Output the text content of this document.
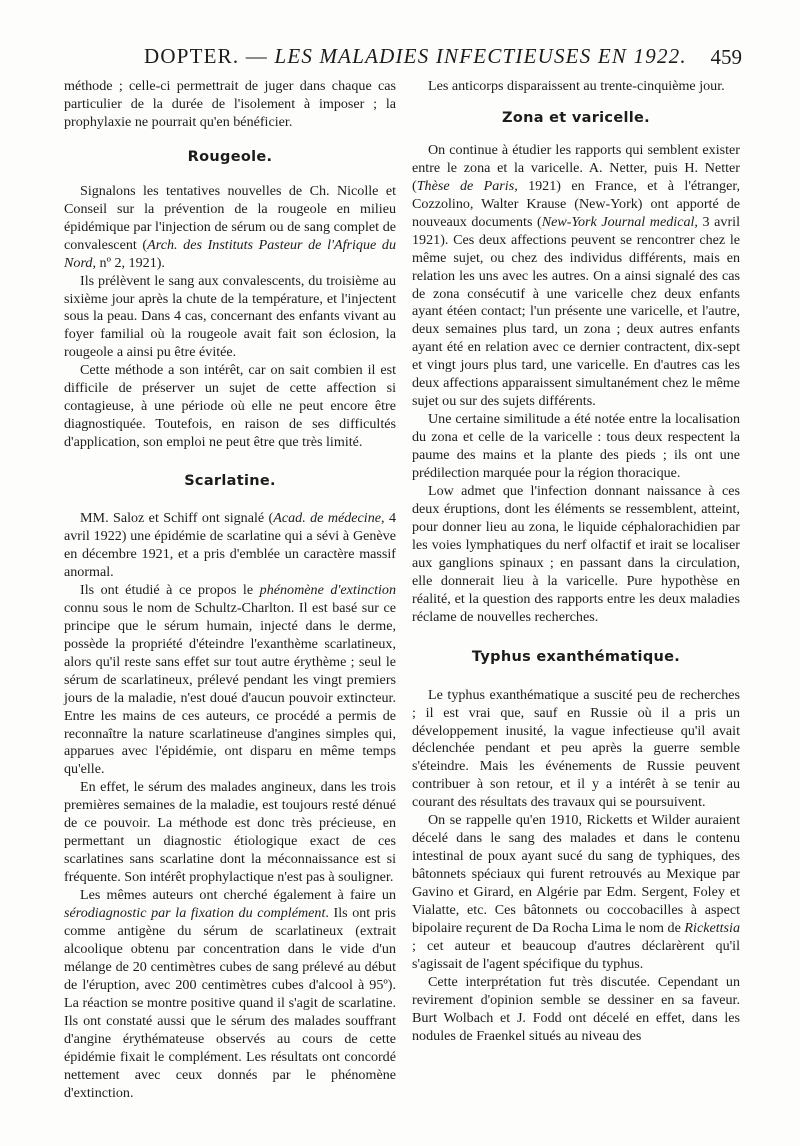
DOPTER. — LES MALADIES INFECTIEUSES EN 1922. 459

méthode ; celle-ci permettrait de juger dans chaque cas particulier de la durée de l'isolement à imposer ; la prophylaxie ne pourrait qu'en bénéficier.

Rougeole.

Signalons les tentatives nouvelles de Ch. Nicolle et Conseil sur la prévention de la rougeole en milieu épidémique par l'injection de sérum ou de sang complet de convalescent (Arch. des Instituts Pasteur de l'Afrique du Nord, nº 2, 1921).

Ils prélèvent le sang aux convalescents, du troisième au sixième jour après la chute de la température, et l'injectent sous la peau. Dans 4 cas, concernant des enfants vivant au foyer familial où la rougeole avait fait son éclosion, la rougeole a ainsi pu être évitée.

Cette méthode a son intérêt, car on sait combien il est difficile de préserver un sujet de cette affection si contagieuse, à une période où elle ne peut encore être diagnostiquée. Toutefois, en raison de ses difficultés d'application, son emploi ne peut être que très limité.

Scarlatine.

MM. Saloz et Schiff ont signalé (Acad. de médecine, 4 avril 1922) une épidémie de scarlatine qui a sévi à Genève en décembre 1921, et a pris d'emblée un caractère massif anormal.

Ils ont étudié à ce propos le phénomène d'extinction connu sous le nom de Schultz-Charlton. Il est basé sur ce principe que le sérum humain, injecté dans le derme, possède la propriété d'éteindre l'exanthème scarlatineux, alors qu'il reste sans effet sur tout autre érythème ; seul le sérum de scarlatineux, prélevé pendant les vingt premiers jours de la maladie, n'est doué d'aucun pouvoir extincteur. Entre les mains de ces auteurs, ce procédé a permis de reconnaître la nature scarlatineuse d'angines simples qui, apparues avec l'épidémie, ont disparu en même temps qu'elle.

En effet, le sérum des malades angineux, dans les trois premières semaines de la maladie, est toujours resté dénué de ce pouvoir. La méthode est donc très précieuse, en permettant un diagnostic étiologique exact de ces scarlatines sans scarlatine dont la méconnaissance est si fréquente. Son intérêt prophylactique n'est pas à souligner.

Les mêmes auteurs ont cherché également à faire un sérodiagnostic par la fixation du complément. Ils ont pris comme antigène du sérum de scarlatineux (extrait alcoolique obtenu par concentration dans le vide d'un mélange de 20 centimètres cubes de sang prélevé au début de l'éruption, avec 200 centimètres cubes d'alcool à 95º). La réaction se montre positive quand il s'agit de scarlatine. Ils ont constaté aussi que le sérum des malades souffrant d'angine érythémateuse observés au cours de cette épidémie fixait le complément. Les résultats ont concordé nettement avec ceux donnés par le phénomène d'extinction.

Les anticorps disparaissent au trente-cinquième jour.

Zona et varicelle.

On continue à étudier les rapports qui semblent exister entre le zona et la varicelle. A. Netter, puis H. Netter (Thèse de Paris, 1921) en France, et à l'étranger, Cozzolino, Walter Krause (New-York) ont apporté de nouveaux documents (New-York Journal medical, 3 avril 1921). Ces deux affections peuvent se rencontrer chez le même sujet, ou chez des individus différents, mais en relation les uns avec les autres. On a ainsi signalé des cas de zona consécutif à une varicelle chez deux enfants ayant étéen contact; l'un présente une varicelle, et l'autre, deux semaines plus tard, un zona ; deux autres enfants ayant été en relation avec ce dernier contractent, dix-sept et vingt jours plus tard, une varicelle. En d'autres cas les deux affections apparaissent simultanément chez le même sujet ou sur des sujets différents.

Une certaine similitude a été notée entre la localisation du zona et celle de la varicelle : tous deux respectent la paume des mains et la plante des pieds ; ils ont une prédilection marquée pour la région thoracique.

Low admet que l'infection donnant naissance à ces deux éruptions, dont les éléments se ressemblent, atteint, pour donner lieu au zona, le liquide céphalorachidien par les voies lymphatiques du nerf olfactif et irait se localiser aux ganglions spinaux ; en passant dans la circulation, elle donnerait lieu à la varicelle. Pure hypothèse en réalité, et la question des rapports entre les deux maladies réclame de nouvelles recherches.

Typhus exanthématique.

Le typhus exanthématique a suscité peu de recherches ; il est vrai que, sauf en Russie où il a pris un développement inusité, la vague infectieuse qu'il avait déclenchée pendant et peu après la guerre semble s'éteindre. Mais les événements de Russie peuvent contribuer à son retour, et il y a intérêt à se tenir au courant des résultats des travaux qui se poursuivent.

On se rappelle qu'en 1910, Ricketts et Wilder auraient décelé dans le sang des malades et dans le contenu intestinal de poux ayant sucé du sang de typhiques, des bâtonnets spéciaux qui furent retrouvés au Mexique par Gavino et Girard, en Algérie par Edm. Sergent, Foley et Vialatte, etc. Ces bâtonnets ou coccobacilles à aspect bipolaire reçurent de Da Rocha Lima le nom de Rickettsia ; cet auteur et beaucoup d'autres déclarèrent qu'il s'agissait de l'agent spécifique du typhus.

Cette interprétation fut très discutée. Cependant un revirement d'opinion semble se dessiner en sa faveur. Burt Wolbach et J. Fodd ont décelé en effet, dans les nodules de Fraenkel situés au niveau des
